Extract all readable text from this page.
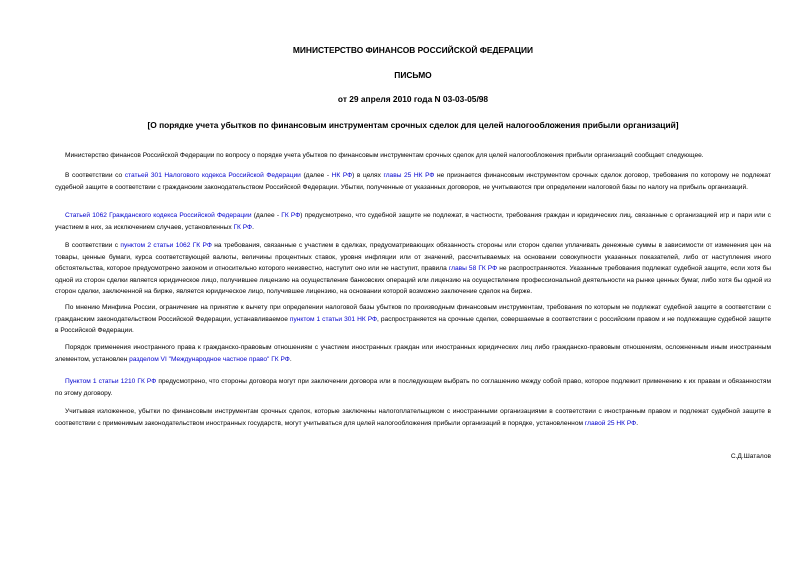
МИНИСТЕРСТВО ФИНАНСОВ РОССИЙСКОЙ ФЕДЕРАЦИИ
ПИСЬМО
от 29 апреля 2010 года N 03-03-05/98
[О порядке учета убытков по финансовым инструментам срочных сделок для целей налогообложения прибыли организаций]

Министерство финансов Российской Федерации по вопросу о порядке учета убытков по финансовым инструментам срочных сделок для целей налогообложения прибыли организаций сообщает следующее.

В соответствии со статьей 301 Налогового кодекса Российской Федерации (далее - НК РФ) в целях главы 25 НК РФ не признается финансовым инструментом срочных сделок договор, требования по которому не подлежат судебной защите в соответствии с гражданским законодательством Российской Федерации. Убытки, полученные от указанных договоров, не учитываются при определении налоговой базы по налогу на прибыль организаций.

Статьей 1062 Гражданского кодекса Российской Федерации (далее - ГК РФ) предусмотрено, что судебной защите не подлежат, в частности, требования граждан и юридических лиц, связанные с организацией игр и пари или с участием в них, за исключением случаев, установленных ГК РФ.

В соответствии с пунктом 2 статьи 1062 ГК РФ на требования, связанные с участием в сделках, предусматривающих обязанность стороны или сторон сделки уплачивать денежные суммы в зависимости от изменения цен на товары, ценные бумаги, курса соответствующей валюты, величины процентных ставок, уровня инфляции или от значений, рассчитываемых на основании совокупности указанных показателей, либо от наступления иного обстоятельства, которое предусмотрено законом и относительно которого неизвестно, наступит оно или не наступит, правила главы 58 ГК РФ не распространяются. Указанные требования подлежат судебной защите, если хотя бы одной из сторон сделки является юридическое лицо, получившее лицензию на осуществление банковских операций или лицензию на осуществление профессиональной деятельности на рынке ценных бумаг, либо хотя бы одной из сторон сделки, заключенной на бирже, является юридическое лицо, получившее лицензию, на основании которой возможно заключение сделок на бирже.

По мнению Минфина России, ограничение на принятие к вычету при определении налоговой базы убытков по производным финансовым инструментам, требования по которым не подлежат судебной защите в соответствии с гражданским законодательством Российской Федерации, устанавливаемое пунктом 1 статьи 301 НК РФ, распространяется на срочные сделки, совершаемые в соответствии с российским правом и не подлежащие судебной защите в Российской Федерации.

Порядок применения иностранного права к гражданско-правовым отношениям с участием иностранных граждан или иностранных юридических лиц либо гражданско-правовым отношениям, осложненным иным иностранным элементом, установлен разделом VI "Международное частное право" ГК РФ.

Пунктом 1 статьи 1210 ГК РФ предусмотрено, что стороны договора могут при заключении договора или в последующем выбрать по соглашению между собой право, которое подлежит применению к их правам и обязанностям по этому договору.

Учитывая изложенное, убытки по финансовым инструментам срочных сделок, которые заключены налогоплательщиком с иностранными организациями в соответствии с иностранным правом и подлежат судебной защите в соответствии с применимым законодательством иностранных государств, могут учитываться для целей налогообложения прибыли организаций в порядке, установленном главой 25 НК РФ.

С.Д.Шаталов
